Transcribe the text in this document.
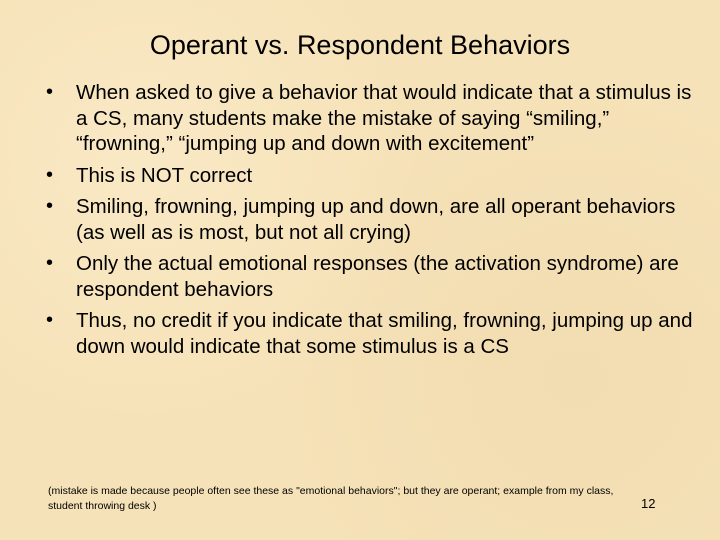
Operant vs. Respondent Behaviors
• When asked to give a behavior that would indicate that a stimulus is a CS, many students make the mistake of saying “smiling,” “frowning,” “jumping up and down with excitement”
• This is NOT correct
• Smiling, frowning, jumping up and down, are all operant behaviors (as well as is most, but not all crying)
• Only the actual emotional responses (the activation syndrome) are respondent behaviors
• Thus, no credit if you indicate that smiling, frowning, jumping up and down would indicate that some stimulus is a CS
(mistake is made because people often see these as "emotional behaviors"; but they are operant; example from my class, student throwing desk )	12
